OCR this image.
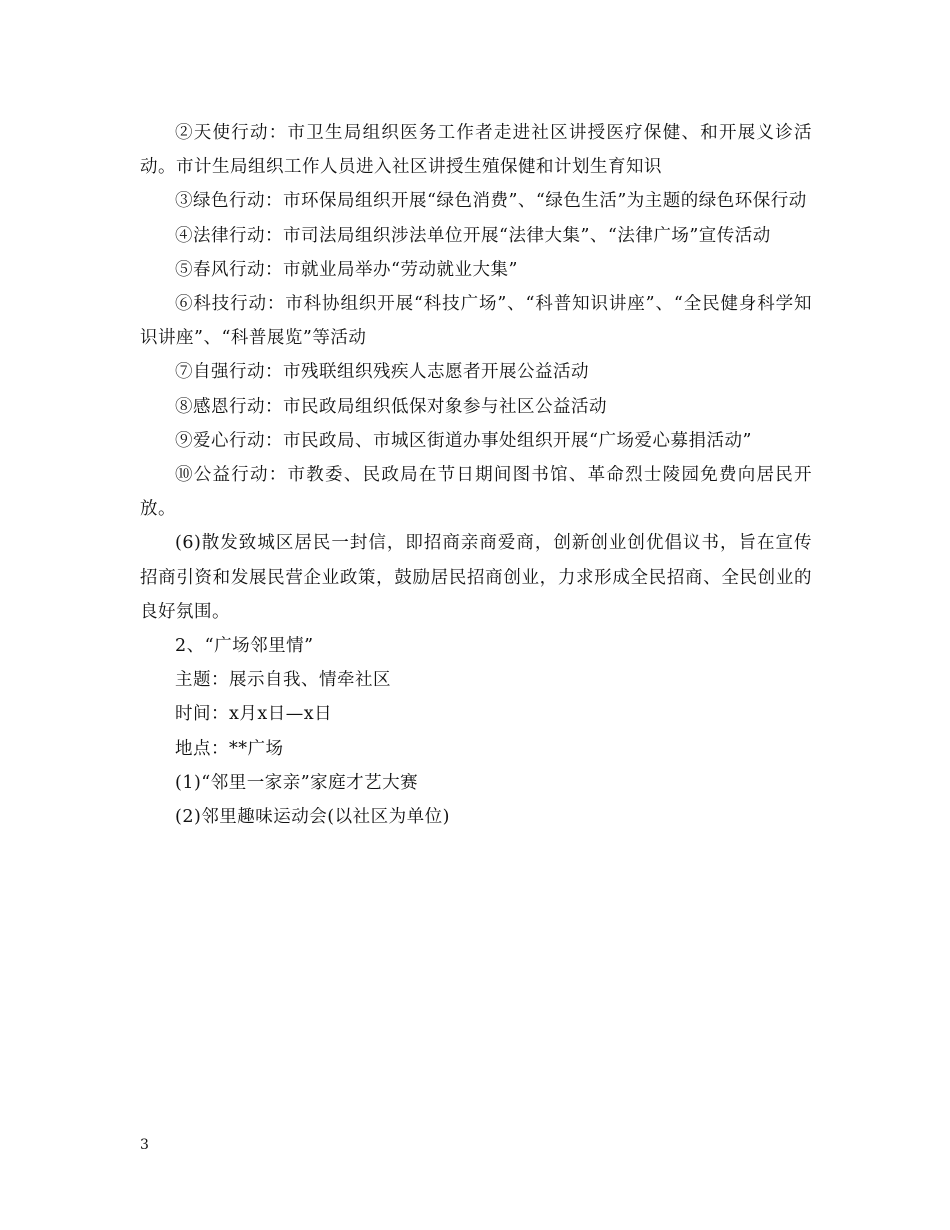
②天使行动：市卫生局组织医务工作者走进社区讲授医疗保健、和开展义诊活动。市计生局组织工作人员进入社区讲授生殖保健和计划生育知识

③绿色行动：市环保局组织开展“绿色消费”、“绿色生活”为主题的绿色环保行动

④法律行动：市司法局组织涉法单位开展“法律大集”、“法律广场”宣传活动

⑤春风行动：市就业局举办“劳动就业大集”

⑥科技行动：市科协组织开展“科技广场”、“科普知识讲座”、“全民健身科学知识讲座”、“科普展览”等活动

⑦自强行动：市残联组织残疾人志愿者开展公益活动

⑧感恩行动：市民政局组织低保对象参与社区公益活动

⑨爱心行动：市民政局、市城区街道办事处组织开展“广场爱心募捐活动”

⑩公益行动：市教委、民政局在节日期间图书馆、革命烈士陵园免费向居民开放。

(6)散发致城区居民一封信，即招商亲商爱商，创新创业创优倡议书，旨在宣传招商引资和发展民营企业政策，鼓励居民招商创业，力求形成全民招商、全民创业的良好氛围。

2、“广场邻里情”

主题：展示自我、情牵社区

时间：x月x日—x日

地点：**广场

(1)“邻里一家亲”家庭才艺大赛

(2)邻里趣味运动会(以社区为单位)

3
